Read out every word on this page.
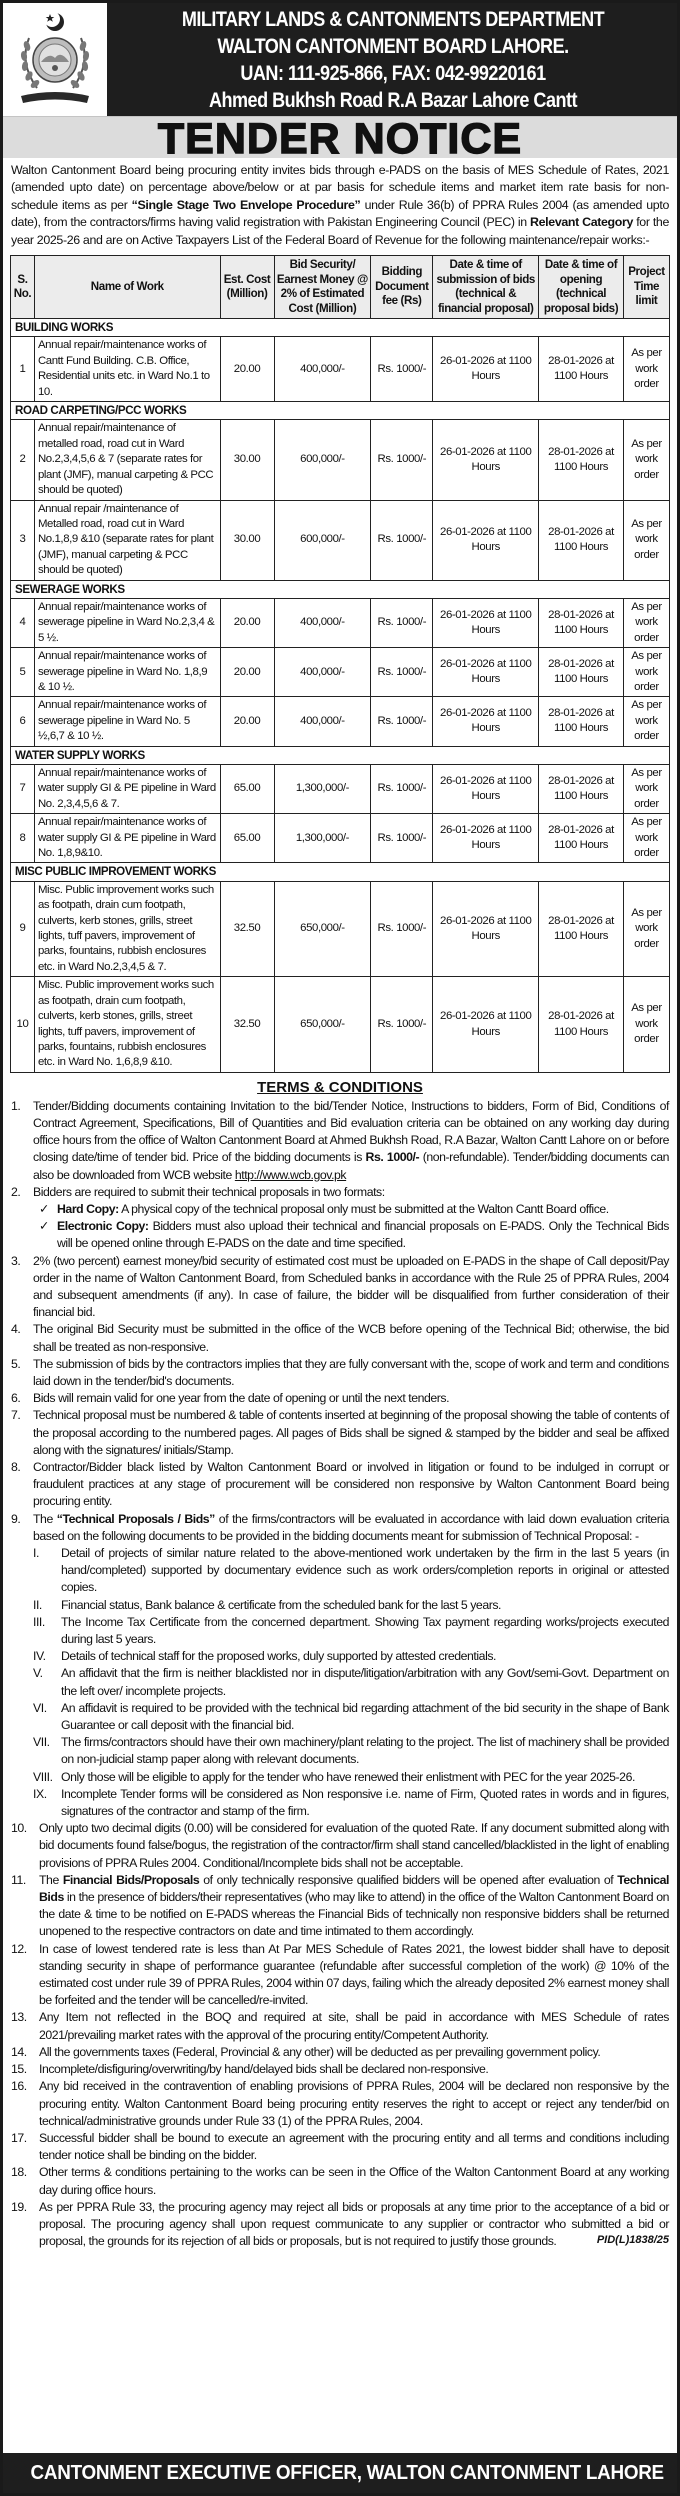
MILITARY LANDS & CANTONMENTS DEPARTMENT
WALTON CANTONMENT BOARD LAHORE.
UAN: 111-925-866, FAX: 042-99220161
Ahmed Bukhsh Road R.A Bazar Lahore Cantt
TENDER NOTICE

Walton Cantonment Board being procuring entity invites bids through e-PADS on the basis of MES Schedule of Rates, 2021 (amended upto date) on percentage above/below or at par basis for schedule items and market item rate basis for non-schedule items as per “Single Stage Two Envelope Procedure” under Rule 36(b) of PPRA Rules 2004 (as amended upto date), from the contractors/firms having valid registration with Pakistan Engineering Council (PEC) in Relevant Category for the year 2025-26 and are on Active Taxpayers List of the Federal Board of Revenue for the following maintenance/repair works:-

S. No.	Name of Work	Est. Cost (Million)	Bid Security/ Earnest Money @ 2% of Estimated Cost (Million)	Bidding Document fee (Rs)	Date & time of submission of bids (technical & financial proposal)	Date & time of opening (technical proposal bids)	Project Time limit
BUILDING WORKS							
1	Annual repair/maintenance works of Cantt Fund Building. C.B. Office, Residential units etc. in Ward No.1 to 10.	20.00	400,000/-	Rs. 1000/-	26-01-2026 at 1100 Hours	28-01-2026 at 1100 Hours	As per work order
ROAD CARPETING/PCC WORKS							
2	Annual repair/maintenance of metalled road, road cut in Ward No.2,3,4,5,6 & 7 (separate rates for plant (JMF), manual carpeting & PCC should be quoted)	30.00	600,000/-	Rs. 1000/-	26-01-2026 at 1100 Hours	28-01-2026 at 1100 Hours	As per work order
3	Annual repair /maintenance of Metalled road, road cut in Ward No.1,8,9 &10 (separate rates for plant (JMF), manual carpeting & PCC should be quoted)	30.00	600,000/-	Rs. 1000/-	26-01-2026 at 1100 Hours	28-01-2026 at 1100 Hours	As per work order
SEWERAGE WORKS							
4	Annual repair/maintenance works of sewerage pipeline in Ward No.2,3,4 & 5 ½.	20.00	400,000/-	Rs. 1000/-	26-01-2026 at 1100 Hours	28-01-2026 at 1100 Hours	As per work order
5	Annual repair/maintenance works of sewerage pipeline in Ward No. 1,8,9 & 10 ½.	20.00	400,000/-	Rs. 1000/-	26-01-2026 at 1100 Hours	28-01-2026 at 1100 Hours	As per work order
6	Annual repair/maintenance works of sewerage pipeline in Ward No. 5 ½,6,7 & 10 ½.	20.00	400,000/-	Rs. 1000/-	26-01-2026 at 1100 Hours	28-01-2026 at 1100 Hours	As per work order
WATER SUPPLY WORKS							
7	Annual repair/maintenance works of water supply GI & PE pipeline in Ward No. 2,3,4,5,6 & 7.	65.00	1,300,000/-	Rs. 1000/-	26-01-2026 at 1100 Hours	28-01-2026 at 1100 Hours	As per work order
8	Annual repair/maintenance works of water supply GI & PE pipeline in Ward No. 1,8,9&10.	65.00	1,300,000/-	Rs. 1000/-	26-01-2026 at 1100 Hours	28-01-2026 at 1100 Hours	As per work order
MISC PUBLIC IMPROVEMENT WORKS							
9	Misc. Public improvement works such as footpath, drain cum footpath, culverts, kerb stones, grills, street lights, tuff pavers, improvement of parks, fountains, rubbish enclosures etc. in Ward No.2,3,4,5 & 7.	32.50	650,000/-	Rs. 1000/-	26-01-2026 at 1100 Hours	28-01-2026 at 1100 Hours	As per work order
10	Misc. Public improvement works such as footpath, drain cum footpath, culverts, kerb stones, grills, street lights, tuff pavers, improvement of parks, fountains, rubbish enclosures etc. in Ward No. 1,6,8,9 &10.	32.50	650,000/-	Rs. 1000/-	26-01-2026 at 1100 Hours	28-01-2026 at 1100 Hours	As per work order
TERMS & CONDITIONS
1.	Tender/Bidding documents containing Invitation to the bid/Tender Notice, Instructions to bidders, Form of Bid, Conditions of Contract Agreement, Specifications, Bill of Quantities and Bid evaluation criteria can be obtained on any working day during office hours from the office of Walton Cantonment Board at Ahmed Bukhsh Road, R.A Bazar, Walton Cantt Lahore on or before closing date/time of tender bid. Price of the bidding documents is Rs. 1000/- (non-refundable). Tender/bidding documents can also be downloaded from WCB website http://www.wcb.gov.pk
2.	Bidders are required to submit their technical proposals in two formats:
✓ Hard Copy: A physical copy of the technical proposal only must be submitted at the Walton Cantt Board office.
✓ Electronic Copy: Bidders must also upload their technical and financial proposals on E-PADS. Only the Technical Bids will be opened online through E-PADS on the date and time specified.
3.	2% (two percent) earnest money/bid security of estimated cost must be uploaded on E-PADS in the shape of Call deposit/Pay order in the name of Walton Cantonment Board, from Scheduled banks in accordance with the Rule 25 of PPRA Rules, 2004 and subsequent amendments (if any). In case of failure, the bidder will be disqualified from further consideration of their financial bid.
4.	The original Bid Security must be submitted in the office of the WCB before opening of the Technical Bid; otherwise, the bid shall be treated as non-responsive.
5.	The submission of bids by the contractors implies that they are fully conversant with the, scope of work and term and conditions laid down in the tender/bid's documents.
6.	Bids will remain valid for one year from the date of opening or until the next tenders.
7.	Technical proposal must be numbered & table of contents inserted at beginning of the proposal showing the table of contents of the proposal according to the numbered pages. All pages of Bids shall be signed & stamped by the bidder and seal be affixed along with the signatures/ initials/Stamp.
8.	Contractor/Bidder black listed by Walton Cantonment Board or involved in litigation or found to be indulged in corrupt or fraudulent practices at any stage of procurement will be considered non responsive by Walton Cantonment Board being procuring entity.
9.	The “Technical Proposals / Bids” of the firms/contractors will be evaluated in accordance with laid down evaluation criteria based on the following documents to be provided in the bidding documents meant for submission of Technical Proposal: -
I.	Detail of projects of similar nature related to the above-mentioned work undertaken by the firm in the last 5 years (in hand/completed) supported by documentary evidence such as work orders/completion reports in original or attested copies.
II.	Financial status, Bank balance & certificate from the scheduled bank for the last 5 years.
III.	The Income Tax Certificate from the concerned department. Showing Tax payment regarding works/projects executed during last 5 years.
IV.	Details of technical staff for the proposed works, duly supported by attested credentials.
V.	An affidavit that the firm is neither blacklisted nor in dispute/litigation/arbitration with any Govt/semi-Govt. Department on the left over/ incomplete projects.
VI.	An affidavit is required to be provided with the technical bid regarding attachment of the bid security in the shape of Bank Guarantee or call deposit with the financial bid.
VII. The firms/contractors should have their own machinery/plant relating to the project. The list of machinery shall be provided on non-judicial stamp paper along with relevant documents.
VIII. Only those will be eligible to apply for the tender who have renewed their enlistment with PEC for the year 2025-26.
IX.	Incomplete Tender forms will be considered as Non responsive i.e. name of Firm, Quoted rates in words and in figures, signatures of the contractor and stamp of the firm.
10. Only upto two decimal digits (0.00) will be considered for evaluation of the quoted Rate. If any document submitted along with bid documents found false/bogus, the registration of the contractor/firm shall stand cancelled/blacklisted in the light of enabling provisions of PPRA Rules 2004. Conditional/Incomplete bids shall not be acceptable.
11.	The Financial Bids/Proposals of only technically responsive qualified bidders will be opened after evaluation of Technical Bids in the presence of bidders/their representatives (who may like to attend) in the office of the Walton Cantonment Board on the date & time to be notified on E-PADS whereas the Financial Bids of technically non responsive bidders shall be returned unopened to the respective contractors on date and time intimated to them accordingly.
12. In case of lowest tendered rate is less than At Par MES Schedule of Rates 2021, the lowest bidder shall have to deposit standing security in shape of performance guarantee (refundable after successful completion of the work) @ 10% of the estimated cost under rule 39 of PPRA Rules, 2004 within 07 days, failing which the already deposited 2% earnest money shall be forfeited and the tender will be cancelled/re-invited.
13. Any Item not reflected in the BOQ and required at site, shall be paid in accordance with MES Schedule of rates 2021/prevailing market rates with the approval of the procuring entity/Competent Authority.
14. All the governments taxes (Federal, Provincial & any other) will be deducted as per prevailing government policy.
15. Incomplete/disfiguring/overwriting/by hand/delayed bids shall be declared non-responsive.
16. Any bid received in the contravention of enabling provisions of PPRA Rules, 2004 will be declared non responsive by the procuring entity. Walton Cantonment Board being procuring entity reserves the right to accept or reject any tender/bid on technical/administrative grounds under Rule 33 (1) of the PPRA Rules, 2004.
17. Successful bidder shall be bound to execute an agreement with the procuring entity and all terms and conditions including tender notice shall be binding on the bidder.
18. Other terms & conditions pertaining to the works can be seen in the Office of the Walton Cantonment Board at any working day during office hours.
19. As per PPRA Rule 33, the procuring agency may reject all bids or proposals at any time prior to the acceptance of a bid or proposal. The procuring agency shall upon request communicate to any supplier or contractor who submitted a bid or proposal, the grounds for its rejection of all bids or proposals, but is not required to justify those grounds.	PID(L)1838/25
CANTONMENT EXECUTIVE OFFICER, WALTON CANTONMENT LAHORE
